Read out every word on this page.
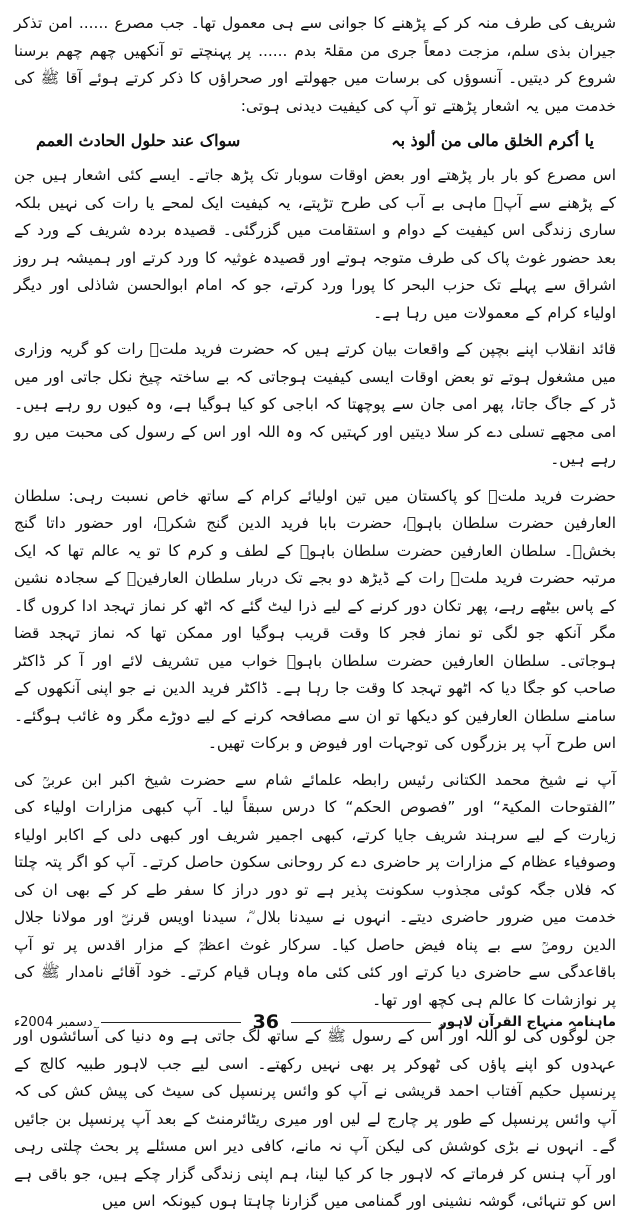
شریف کی طرف منہ کر کے پڑھنے کا جوانی سے ہی معمول تھا۔ جب مصرع ...... امن تذکر جیران بذی سلم، مزجت دمعاً جری من مقلۃ بدم ...... پر پہنچتے تو آنکھیں چھم چھم برسنا شروع کر دیتیں۔ آنسوؤں کی برسات میں جھولتے اور صحراؤں کا ذکر کرتے ہوئے آقا ﷺ کی خدمت میں یہ اشعار پڑھتے تو آپ کی کیفیت دیدنی ہوتی:

یا أکرم الخلق مالی من ألوذ بہ
سواک عند حلول الحادث العمم

اس مصرع کو بار بار پڑھتے اور بعض اوقات سوبار تک پڑھ جاتے۔ ایسے کئی اشعار ہیں جن کے پڑھنے سے آپؒ ماہی بے آب کی طرح تڑپتے، یہ کیفیت ایک لمحے یا رات کی نہیں بلکہ ساری زندگی اس کیفیت کے دوام و استقامت میں گزرگئی۔ قصیدہ بردہ شریف کے ورد کے بعد حضور غوث پاک کی طرف متوجہ ہوتے اور قصیدہ غوثیہ کا ورد کرتے اور ہمیشہ ہر روز اشراق سے پہلے تک حزب البحر کا پورا ورد کرتے، جو کہ امام ابوالحسن شاذلی اور دیگر اولیاء کرام کے معمولات میں رہا ہے۔

قائد انقلاب اپنے بچپن کے واقعات بیان کرتے ہیں کہ حضرت فرید ملتؒ رات کو گریہ وزاری میں مشغول ہوتے تو بعض اوقات ایسی کیفیت ہوجاتی کہ بے ساختہ چیخ نکل جاتی اور میں ڈر کے جاگ جاتا، پھر امی جان سے پوچھتا کہ اباجی کو کیا ہوگیا ہے، وہ کیوں رو رہے ہیں۔ امی مجھے تسلی دے کر سلا دیتیں اور کہتیں کہ وہ اللہ اور اس کے رسول کی محبت میں رو رہے ہیں۔

حضرت فرید ملتؒ کو پاکستان میں تین اولیائے کرام کے ساتھ خاص نسبت رہی: سلطان العارفین حضرت سلطان باہوؒ، حضرت بابا فرید الدین گنج شکرؒ، اور حضور داتا گنج بخشؒ۔ سلطان العارفین حضرت سلطان باہوؒ کے لطف و کرم کا تو یہ عالم تھا کہ ایک مرتبہ حضرت فرید ملتؒ رات کے ڈیڑھ دو بجے تک دربار سلطان العارفینؒ کے سجادہ نشین کے پاس بیٹھے رہے، پھر تکان دور کرنے کے لیے ذرا لیٹ گئے کہ اٹھ کر نماز تہجد ادا کروں گا۔ مگر آنکھ جو لگی تو نماز فجر کا وقت قریب ہوگیا اور ممکن تھا کہ نماز تہجد قضا ہوجاتی۔ سلطان العارفین حضرت سلطان باہوؒ خواب میں تشریف لائے اور آ کر ڈاکٹر صاحب کو جگا دیا کہ اٹھو تہجد کا وقت جا رہا ہے۔ ڈاکٹر فرید الدین نے جو اپنی آنکھوں کے سامنے سلطان العارفین کو دیکھا تو ان سے مصافحہ کرنے کے لیے دوڑے مگر وہ غائب ہوگئے۔ اس طرح آپ پر بزرگوں کی توجہات اور فیوض و برکات تھیں۔

آپ نے شیخ محمد الکتانی رئیس رابطہ علمائے شام سے حضرت شیخ اکبر ابن عربیؒ کی ”الفتوحات المکیۃ“ اور ”فصوص الحکم“ کا درس سبقاً لیا۔ آپ کبھی مزارات اولیاء کی زیارت کے لیے سرہند شریف جایا کرتے، کبھی اجمیر شریف اور کبھی دلی کے اکابر اولیاء وصوفیاء عظام کے مزارات پر حاضری دے کر روحانی سکون حاصل کرتے۔ آپ کو اگر پتہ چلتا کہ فلاں جگہ کوئی مجذوب سکونت پذیر ہے تو دور دراز کا سفر طے کر کے بھی ان کی خدمت میں ضرور حاضری دیتے۔ انہوں نے سیدنا بلال ؓ، سیدنا اویس قرنیؓ اور مولانا جلال الدین رومیؒ سے بے پناہ فیض حاصل کیا۔ سرکار غوث اعظمؒ کے مزار اقدس پر تو آپ باقاعدگی سے حاضری دیا کرتے اور کئی کئی ماہ وہاں قیام کرتے۔ خود آقائے نامدار ﷺ کی پر نوازشات کا عالم ہی کچھ اور تھا۔

جن لوگوں کی لو اللہ اور اُس کے رسول ﷺ کے ساتھ لگ جاتی ہے وہ دنیا کی آسائشوں اور عہدوں کو اپنے پاؤں کی ٹھوکر پر بھی نہیں رکھتے۔ اسی لیے جب لاہور طبیہ کالج کے پرنسپل حکیم آفتاب احمد قریشی نے آپ کو وائس پرنسپل کی سیٹ کی پیش کش کی کہ آپ وائس پرنسپل کے طور پر چارج لے لیں اور میری ریٹائرمنٹ کے بعد آپ پرنسپل بن جائیں گے۔ انہوں نے بڑی کوشش کی لیکن آپ نہ مانے، کافی دیر اس مسئلے پر بحث چلتی رہی اور آپ ہنس کر فرماتے کہ لاہور جا کر کیا لینا، ہم اپنی زندگی گزار چکے ہیں، جو باقی ہے اس کو تنہائی، گوشہ نشینی اور گمنامی میں گزارنا چاہتا ہوں کیونکہ اس میں

ماہنامہ منہاج القرآن لاہور
36
دسمبر 2004ء
